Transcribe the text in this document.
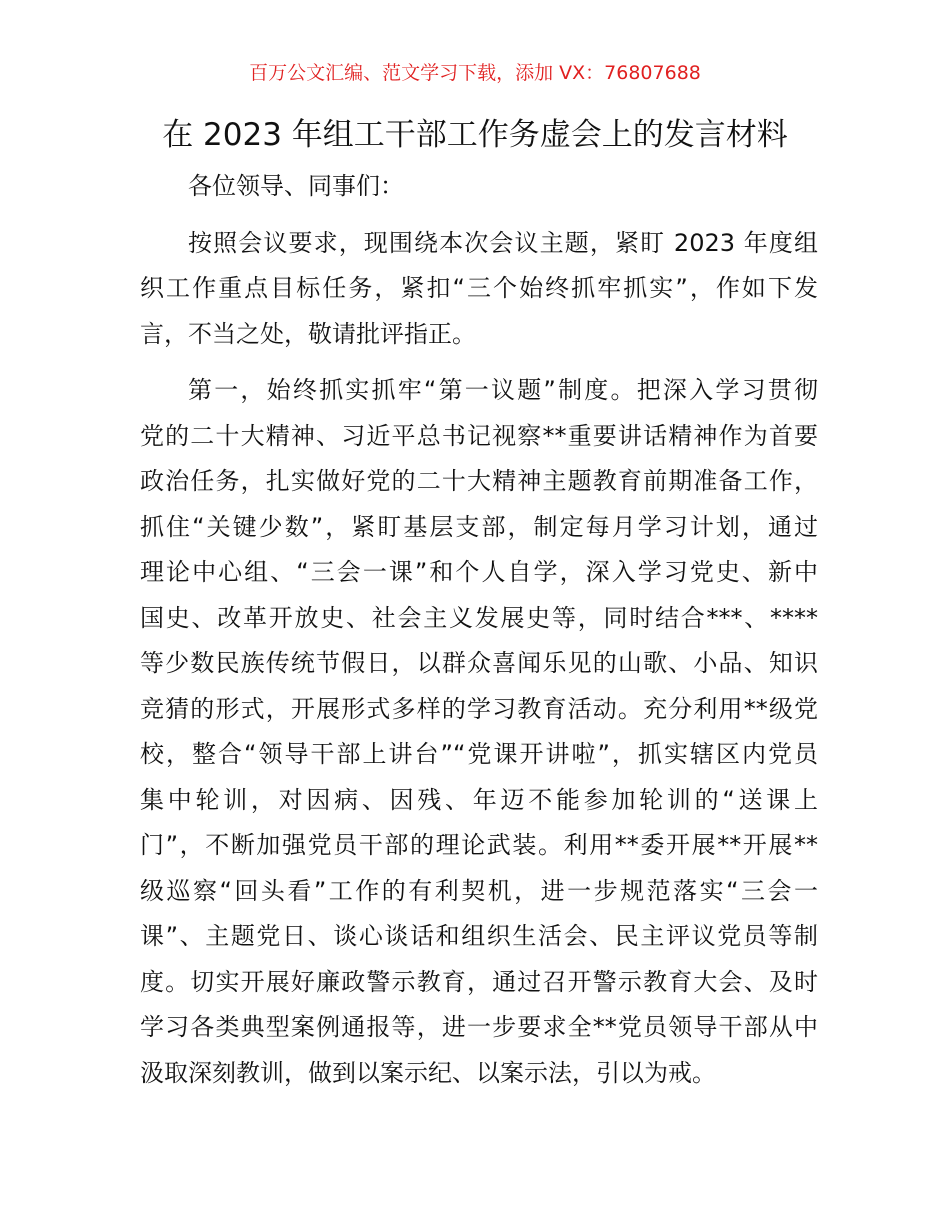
百万公文汇编、范文学习下载，添加 VX：76807688
在 2023 年组工干部工作务虚会上的发言材料
各位领导、同事们：
按照会议要求，现围绕本次会议主题，紧盯 2023 年度组
织工作重点目标任务，紧扣“三个始终抓牢抓实”，作如下发
言，不当之处，敬请批评指正。
第一，始终抓实抓牢“第一议题”制度。把深入学习贯彻
党的二十大精神、习近平总书记视察**重要讲话精神作为首要
政治任务，扎实做好党的二十大精神主题教育前期准备工作，
抓住“关键少数”，紧盯基层支部，制定每月学习计划，通过
理论中心组、“三会一课”和个人自学，深入学习党史、新中
国史、改革开放史、社会主义发展史等，同时结合***、****
等少数民族传统节假日，以群众喜闻乐见的山歌、小品、知识
竞猜的形式，开展形式多样的学习教育活动。充分利用**级党
校，整合“领导干部上讲台”“党课开讲啦”，抓实辖区内党员
集中轮训，对因病、因残、年迈不能参加轮训的“送课上
门”，不断加强党员干部的理论武装。利用**委开展**开展**
级巡察“回头看”工作的有利契机，进一步规范落实“三会一
课”、主题党日、谈心谈话和组织生活会、民主评议党员等制
度。切实开展好廉政警示教育，通过召开警示教育大会、及时
学习各类典型案例通报等，进一步要求全**党员领导干部从中
汲取深刻教训，做到以案示纪、以案示法，引以为戒。
